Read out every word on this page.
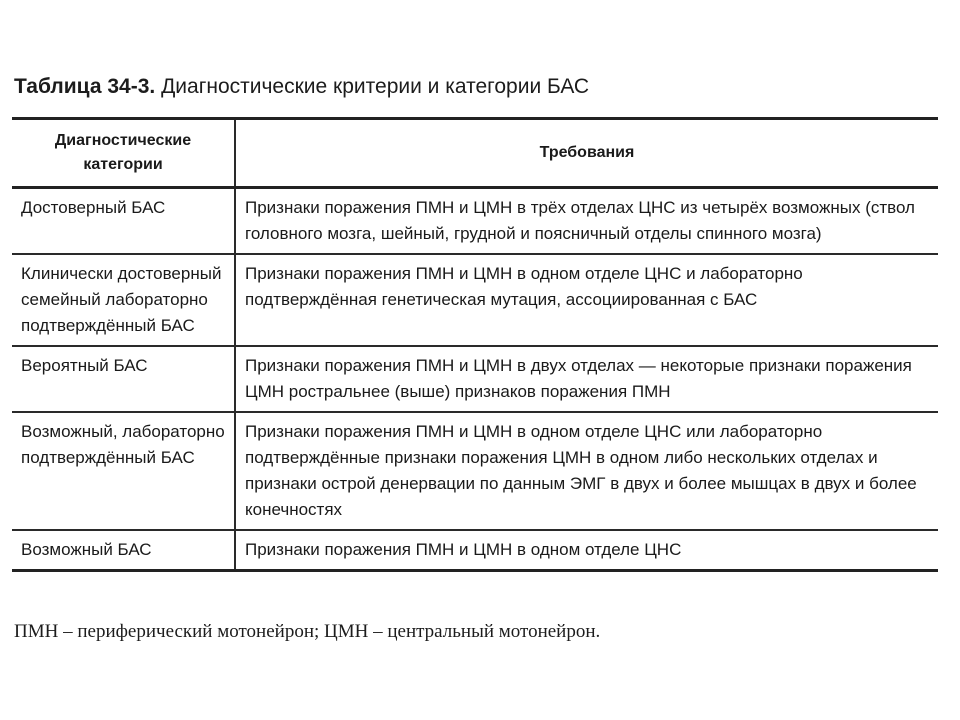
Таблица 34-3. Диагностические критерии и категории БАС
Диагностические категории	Требования
Достоверный БАС	Признаки поражения ПМН и ЦМН в трёх отделах ЦНС из четырёх возможных (ствол головного мозга, шейный, грудной и поясничный отделы спинного мозга)
Клинически достоверный семейный лабораторно подтверждённый БАС	Признаки поражения ПМН и ЦМН в одном отделе ЦНС и лабораторно подтверждённая генетическая мутация, ассоциированная с БАС
Вероятный БАС	Признаки поражения ПМН и ЦМН в двух отделах — некоторые признаки поражения ЦМН ростральнее (выше) признаков поражения ПМН
Возможный, лабораторно подтверждённый БАС	Признаки поражения ПМН и ЦМН в одном отделе ЦНС или лабораторно подтверждённые признаки поражения ЦМН в одном либо нескольких отделах и признаки острой денервации по данным ЭМГ в двух и более мышцах в двух и более конечностях
Возможный БАС	Признаки поражения ПМН и ЦМН в одном отделе ЦНС
ПМН – периферический мотонейрон; ЦМН – центральный мотонейрон.
